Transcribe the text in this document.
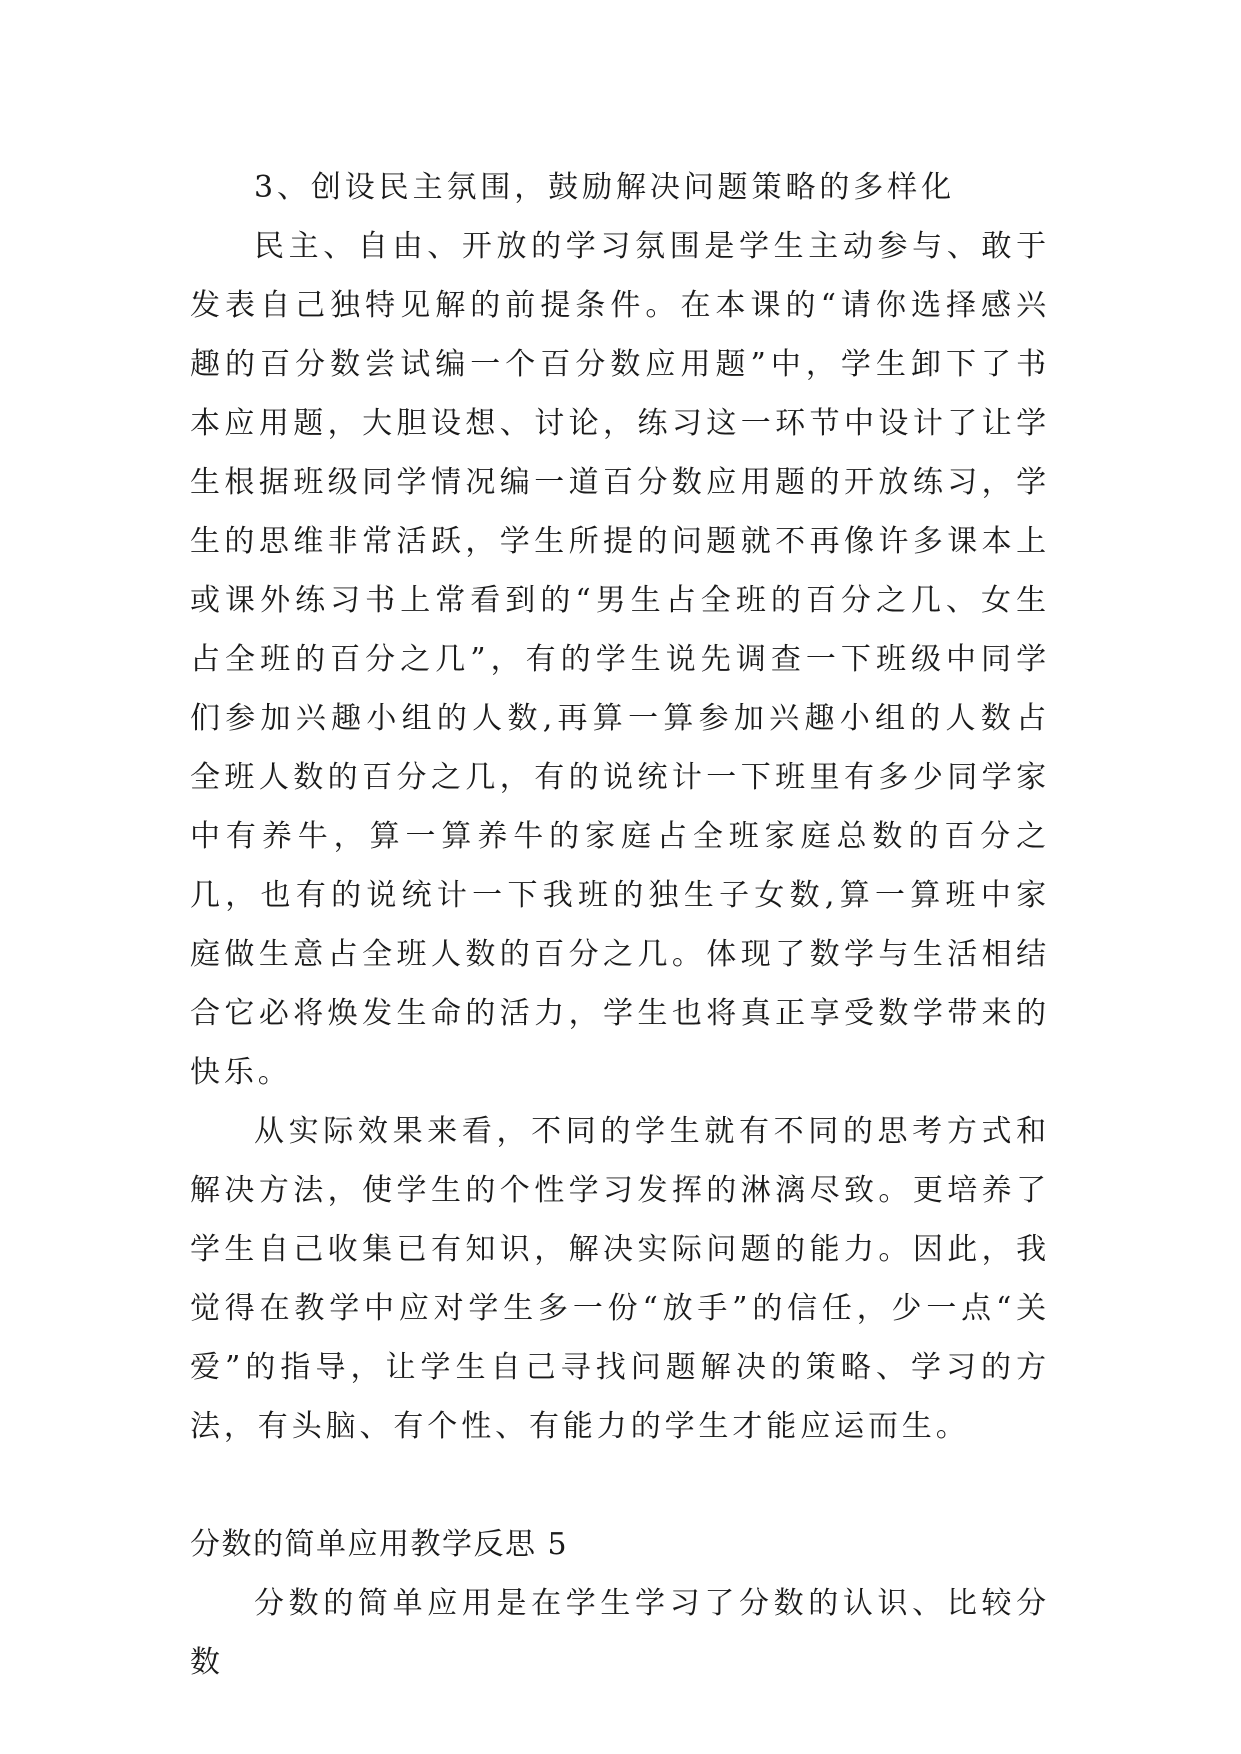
3、创设民主氛围，鼓励解决问题策略的多样化

民主、自由、开放的学习氛围是学生主动参与、敢于发表自己独特见解的前提条件。在本课的“请你选择感兴趣的百分数尝试编一个百分数应用题”中，学生卸下了书本应用题，大胆设想、讨论，练习这一环节中设计了让学生根据班级同学情况编一道百分数应用题的开放练习，学生的思维非常活跃，学生所提的问题就不再像许多课本上或课外练习书上常看到的“男生占全班的百分之几、女生占全班的百分之几”，有的学生说先调查一下班级中同学们参加兴趣小组的人数,再算一算参加兴趣小组的人数占全班人数的百分之几，有的说统计一下班里有多少同学家中有养牛，算一算养牛的家庭占全班家庭总数的百分之几，也有的说统计一下我班的独生子女数,算一算班中家庭做生意占全班人数的百分之几。体现了数学与生活相结合它必将焕发生命的活力，学生也将真正享受数学带来的快乐。

从实际效果来看，不同的学生就有不同的思考方式和解决方法，使学生的个性学习发挥的淋漓尽致。更培养了学生自己收集已有知识，解决实际问题的能力。因此，我觉得在教学中应对学生多一份“放手”的信任，少一点“关爱”的指导，让学生自己寻找问题解决的策略、学习的方法，有头脑、有个性、有能力的学生才能应运而生。

分数的简单应用教学反思 5

分数的简单应用是在学生学习了分数的认识、比较分数
